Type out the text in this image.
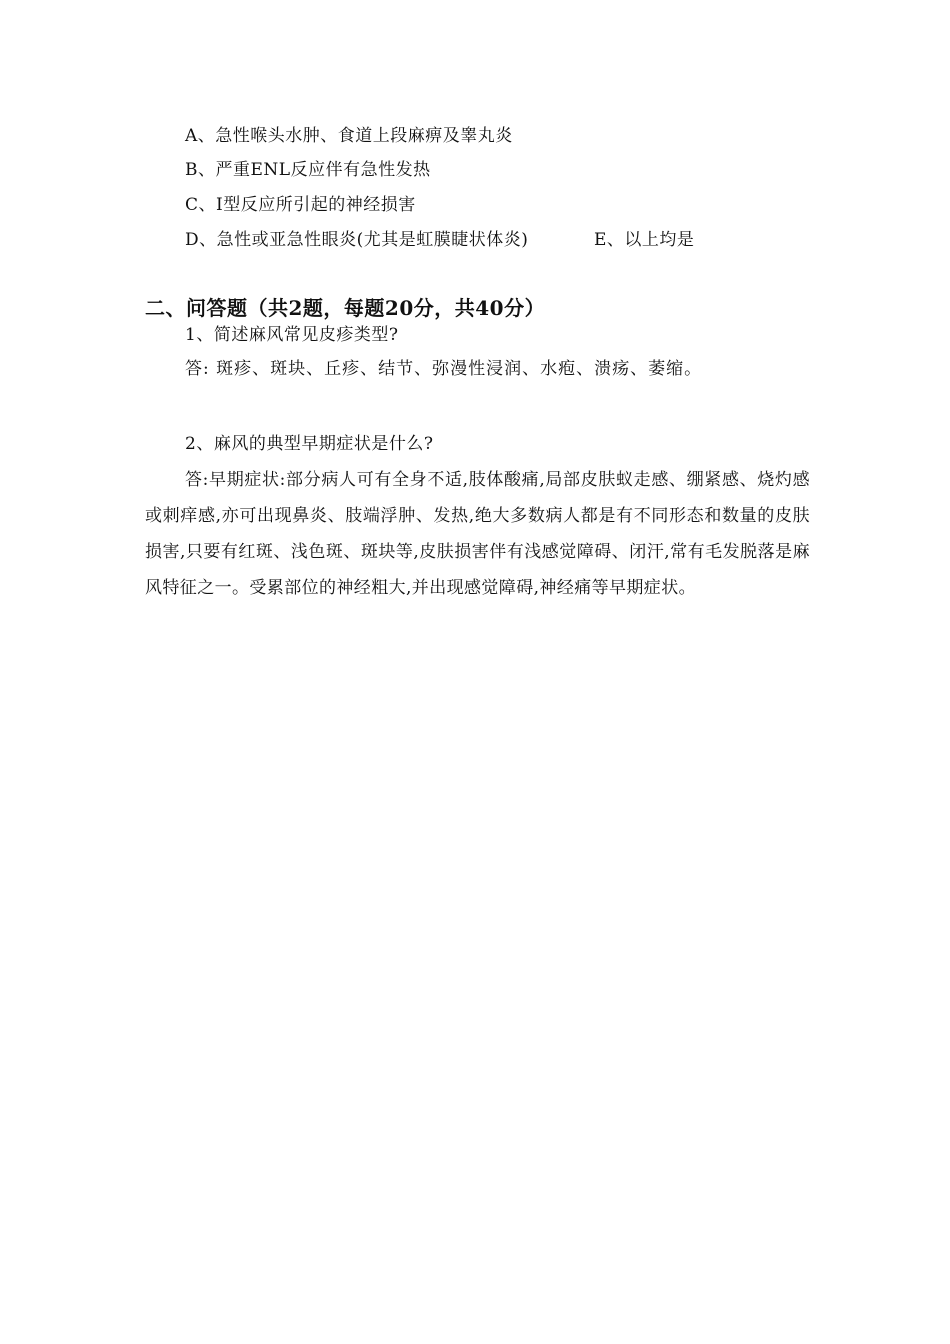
A、急性喉头水肿、食道上段麻痹及睾丸炎
B、严重ENL反应伴有急性发热
C、I型反应所引起的神经损害
D、急性或亚急性眼炎(尤其是虹膜睫状体炎)	E、以上均是
二、问答题（共2题，每题20分，共40分）
1、简述麻风常见皮疹类型?
答: 斑疹、斑块、丘疹、结节、弥漫性浸润、水疱、溃疡、萎缩。
2、麻风的典型早期症状是什么?
答:早期症状:部分病人可有全身不适,肢体酸痛,局部皮肤蚁走感、绷紧感、烧灼感或刺痒感,亦可出现鼻炎、肢端浮肿、发热,绝大多数病人都是有不同形态和数量的皮肤损害,只要有红斑、浅色斑、斑块等,皮肤损害伴有浅感觉障碍、闭汗,常有毛发脱落是麻风特征之一。受累部位的神经粗大,并出现感觉障碍,神经痛等早期症状。
